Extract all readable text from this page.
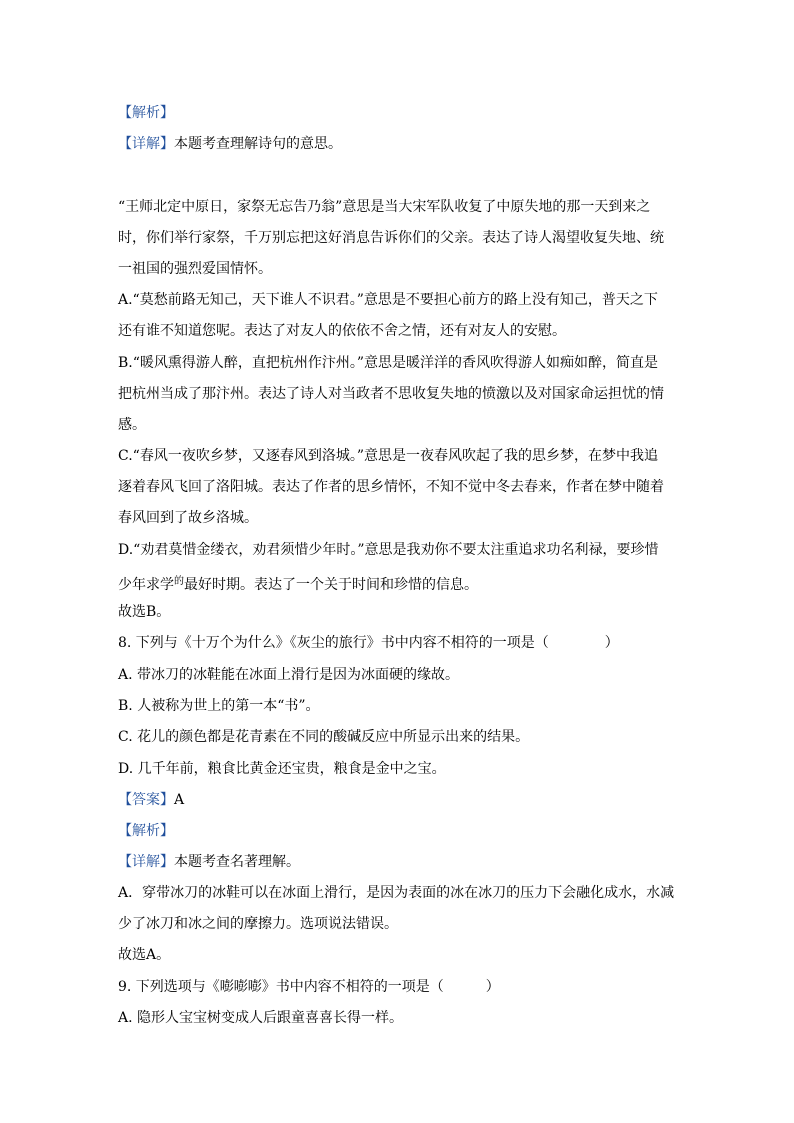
【解析】
【详解】本题考查理解诗句的意思。
“王师北定中原日，家祭无忘告乃翁”意思是当大宋军队收复了中原失地的那一天到来之
时，你们举行家祭，千万别忘把这好消息告诉你们的父亲。表达了诗人渴望收复失地、统
一祖国的强烈爱国情怀。
A.“莫愁前路无知己，天下谁人不识君。”意思是不要担心前方的路上没有知己，普天之下
还有谁不知道您呢。表达了对友人的依依不舍之情，还有对友人的安慰。
B.“暖风熏得游人醉，直把杭州作汴州。”意思是暖洋洋的香风吹得游人如痴如醉，简直是
把杭州当成了那汴州。表达了诗人对当政者不思收复失地的愤激以及对国家命运担忧的情
感。
C.“春风一夜吹乡梦，又逐春风到洛城。”意思是一夜春风吹起了我的思乡梦，在梦中我追
逐着春风飞回了洛阳城。表达了作者的思乡情怀，不知不觉中冬去春来，作者在梦中随着
春风回到了故乡洛城。
D.“劝君莫惜金缕衣，劝君须惜少年时。”意思是我劝你不要太注重追求功名利禄，要珍惜
少年求学$^的$最好时期。表达了一个关于时间和珍惜的信息。
故选B。
8. 下列与《十万个为什么》《灰尘的旅行》书中内容不相符的一项是（　　　　）
A. 带冰刀的冰鞋能在冰面上滑行是因为冰面硬的缘故。
B. 人被称为世上的第一本“书”。
C. 花儿的颜色都是花青素在不同的酸碱反应中所显示出来的结果。
D. 几千年前，粮食比黄金还宝贵，粮食是金中之宝。
【答案】A
【解析】
【详解】本题考查名著理解。
A．穿带冰刀的冰鞋可以在冰面上滑行，是因为表面的冰在冰刀的压力下会融化成水，水减
少了冰刀和冰之间的摩擦力。选项说法错误。
故选A。
9. 下列选项与《嘭嘭嘭》书中内容不相符的一项是（　　　）
A. 隐形人宝宝树变成人后跟童喜喜长得一样。
